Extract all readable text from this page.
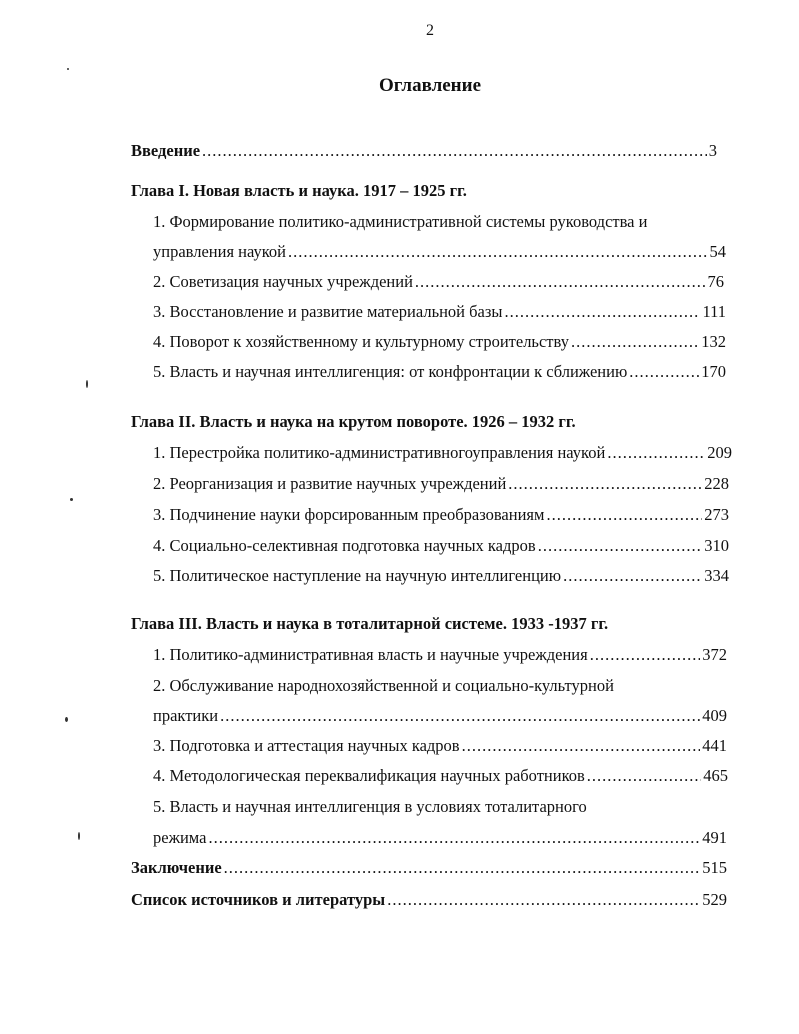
2
Оглавление
Введение .....	3
Глава I. Новая власть и наука. 1917 – 1925 гг.
1. Формирование политико-административной системы руководства и
управления наукой .....	54
2. Советизация научных учреждений .....	76
3. Восстановление и развитие материальной базы .....	111
4. Поворот к хозяйственному и культурному строительству .....	132
5. Власть и научная интеллигенция: от конфронтации к сближению .....	170
Глава II. Власть и наука на крутом повороте. 1926 – 1932 гг.
1. Перестройка политико-административногоуправления наукой .....	209
2. Реорганизация и развитие научных учреждений .....	228
3. Подчинение науки форсированным преобразованиям .....	273
4. Социально-селективная подготовка научных кадров .....	310
5. Политическое наступление на научную интеллигенцию .....	334
Глава III. Власть и наука в тоталитарной системе. 1933 -1937 гг.
1. Политико-административная власть и научные учреждения .....	372
2. Обслуживание народнохозяйственной и социально-культурной
практики .....	409
3. Подготовка и аттестация научных кадров .....	441
4. Методологическая переквалификация научных работников .....	465
5. Власть и научная интеллигенция в условиях тоталитарного
режима .....	491
Заключение .....	515
Список источников и литературы .....	529
